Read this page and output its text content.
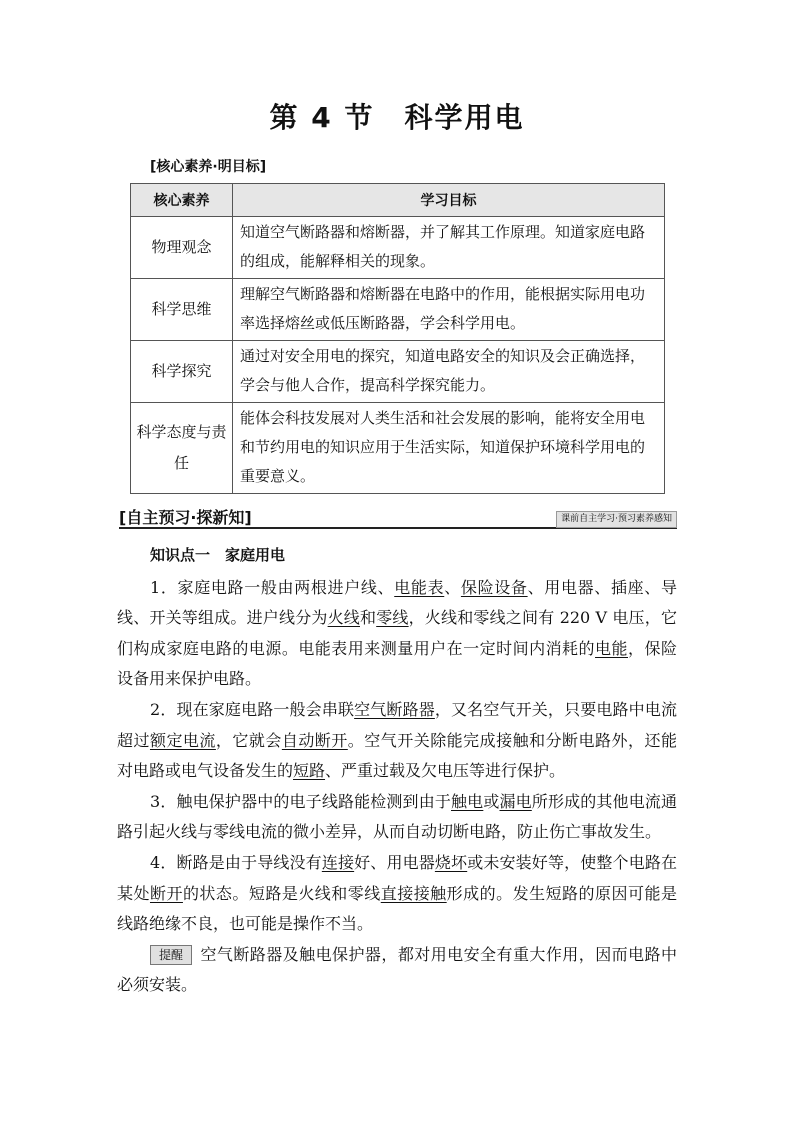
第 4 节　科学用电
[核心素养·明目标]
核心素养	学习目标
物理观念	知道空气断路器和熔断器，并了解其工作原理。知道家庭电路的组成，能解释相关的现象。
科学思维	理解空气断路器和熔断器在电路中的作用，能根据实际用电功率选择熔丝或低压断路器，学会科学用电。
科学探究	通过对安全用电的探究，知道电路安全的知识及会正确选择，学会与他人合作，提高科学探究能力。
科学态度与责任	能体会科技发展对人类生活和社会发展的影响，能将安全用电和节约用电的知识应用于生活实际，知道保护环境科学用电的重要意义。
[自主预习·探新知]	课前自主学习·预习素养感知
知识点一　家庭用电

1．家庭电路一般由两根进户线、电能表、保险设备、用电器、插座、导线、开关等组成。进户线分为火线和零线，火线和零线之间有 220 V 电压，它们构成家庭电路的电源。电能表用来测量用户在一定时间内消耗的电能，保险设备用来保护电路。

2．现在家庭电路一般会串联空气断路器，又名空气开关，只要电路中电流超过额定电流，它就会自动断开。空气开关除能完成接触和分断电路外，还能对电路或电气设备发生的短路、严重过载及欠电压等进行保护。

3．触电保护器中的电子线路能检测到由于触电或漏电所形成的其他电流通路引起火线与零线电流的微小差异，从而自动切断电路，防止伤亡事故发生。

4．断路是由于导线没有连接好、用电器烧坏或未安装好等，使整个电路在某处断开的状态。短路是火线和零线直接接触形成的。发生短路的原因可能是线路绝缘不良，也可能是操作不当。

提醒 空气断路器及触电保护器，都对用电安全有重大作用，因而电路中必须安装。
